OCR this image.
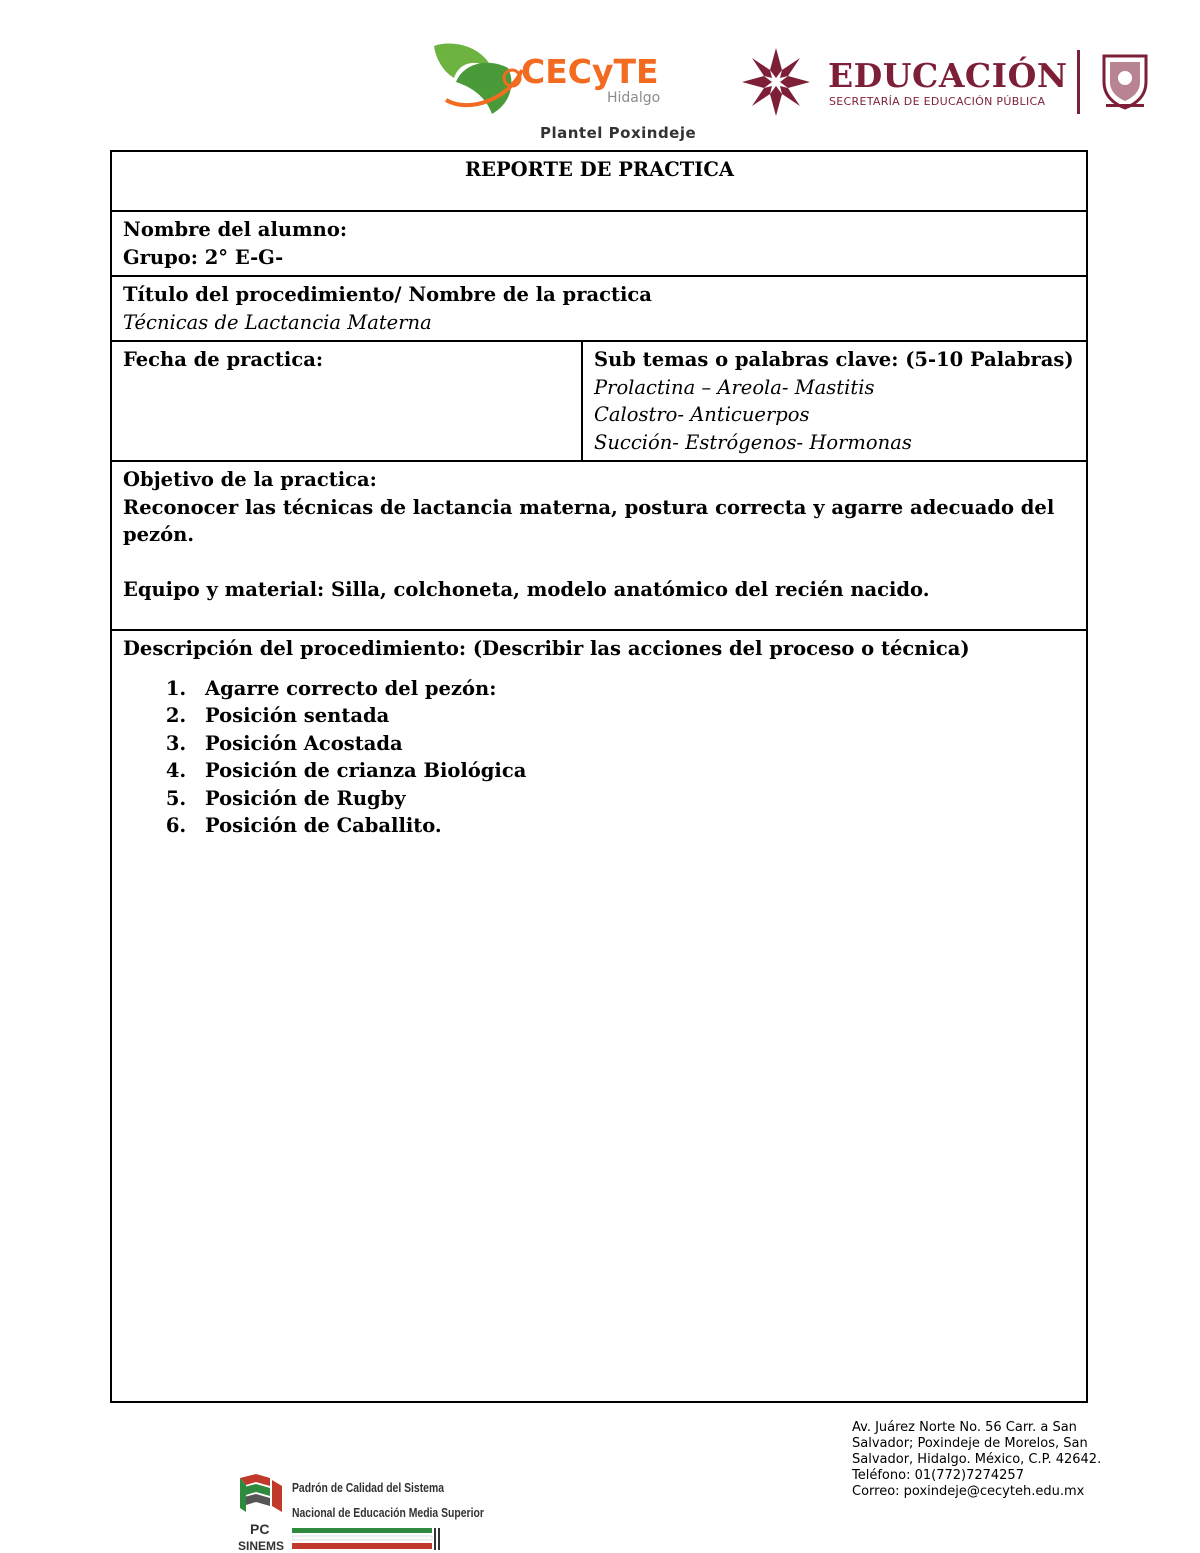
CECyTE
Hidalgo
Plantel Poxindeje
EDUCACIÓN
SECRETARÍA DE EDUCACIÓN PÚBLICA
REPORTE DE PRACTICA

Nombre del alumno:
Grupo: 2° E-G-

Título del procedimiento/ Nombre de la practica
Técnicas de Lactancia Materna

Fecha de practica:	Sub temas o palabras clave: (5-10 Palabras)
Prolactina – Areola- Mastitis
Calostro- Anticuerpos
Succión- Estrógenos- Hormonas

Objetivo de la practica:
Reconocer las técnicas de lactancia materna, postura correcta y agarre adecuado del pezón.
Equipo y material: Silla, colchoneta, modelo anatómico del recién nacido.

Descripción del procedimiento: (Describir las acciones del proceso o técnica)
1. Agarre correcto del pezón:
2. Posición sentada
3. Posición Acostada
4. Posición de crianza Biológica
5. Posición de Rugby
6. Posición de Caballito.
Av. Juárez Norte No. 56 Carr. a San
Salvador; Poxindeje de Morelos, San
Salvador, Hidalgo. México, C.P. 42642.
Teléfono: 01(772)7274257
Correo: poxindeje@cecyteh.edu.mx
PC
SINEMS
Padrón de Calidad del Sistema
Nacional de Educación Media Superior
